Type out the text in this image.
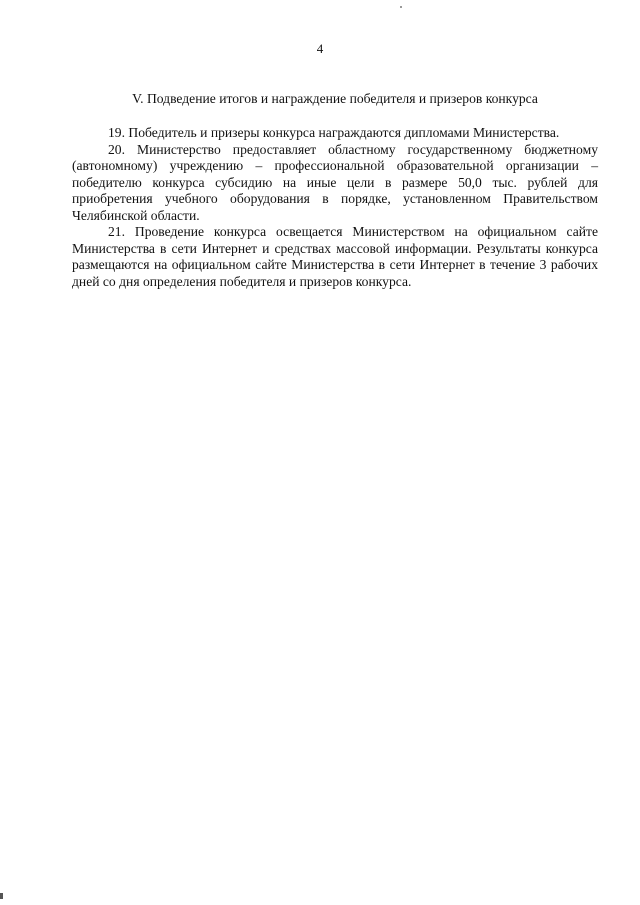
4
V. Подведение итогов и награждение победителя и призеров конкурса

19. Победитель и призеры конкурса награждаются дипломами Министерства.

20. Министерство предоставляет областному государственному бюджетному (автономному) учреждению – профессиональной образовательной организации – победителю конкурса субсидию на иные цели в размере 50,0 тыс. рублей для приобретения учебного оборудования в порядке, установленном Правительством Челябинской области.

21. Проведение конкурса освещается Министерством на официальном сайте Министерства в сети Интернет и средствах массовой информации. Результаты конкурса размещаются на официальном сайте Министерства в сети Интернет в течение 3 рабочих дней со дня определения победителя и призеров конкурса.
